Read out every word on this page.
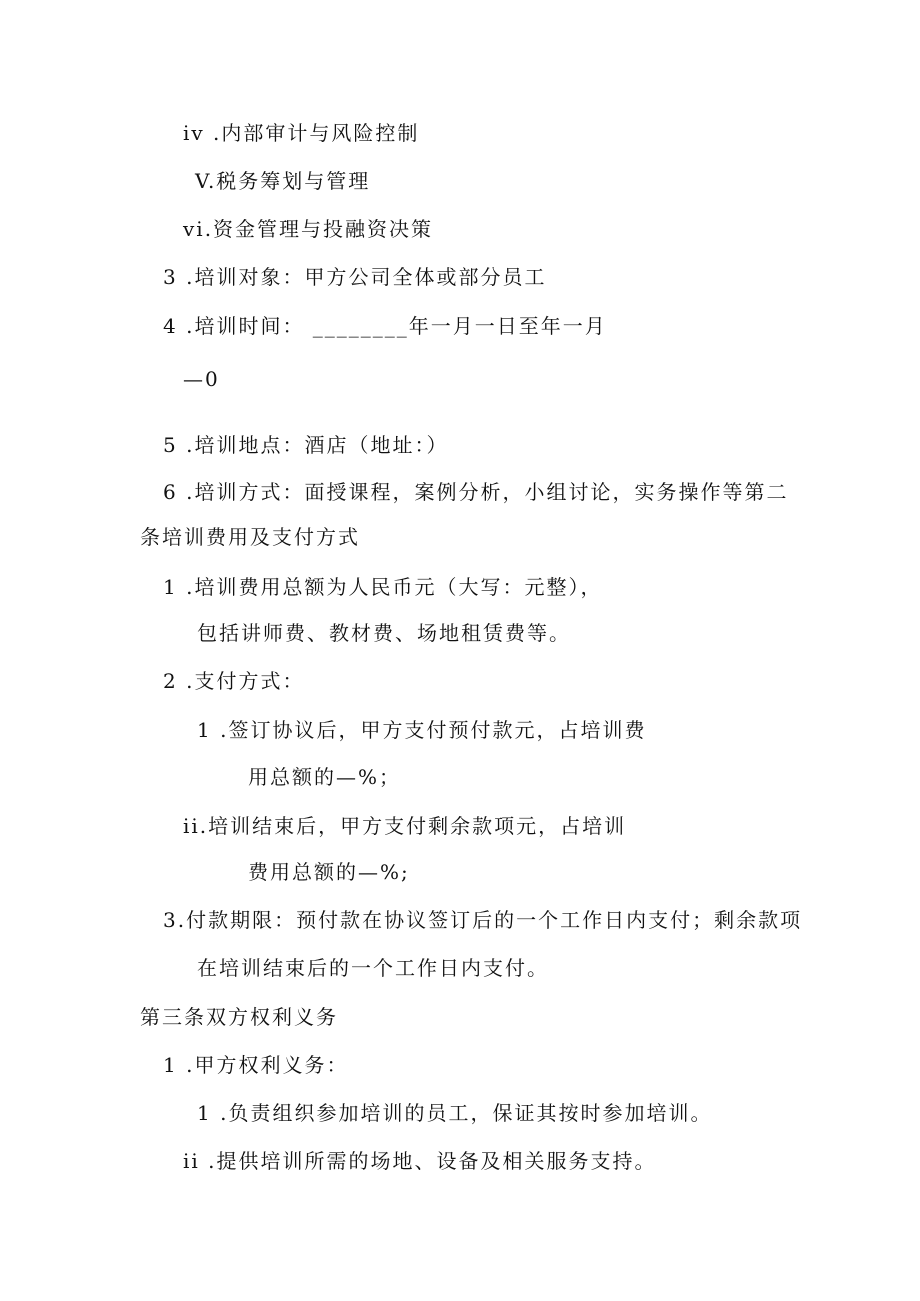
iv .内部审计与风险控制
V.税务筹划与管理
vi.资金管理与投融资决策
3 .培训对象：甲方公司全体或部分员工
4 .培训时间： ________年一月一日至年一月
—0
5 .培训地点：酒店（地址：）
6 .培训方式：面授课程，案例分析，小组讨论，实务操作等第二
条培训费用及支付方式
1 .培训费用总额为人民币元（大写：元整），
包括讲师费、教材费、场地租赁费等。
2 .支付方式：
1 .签订协议后，甲方支付预付款元，占培训费
用总额的—%；
ii.培训结束后，甲方支付剩余款项元，占培训
费用总额的—%;
3.付款期限：预付款在协议签订后的一个工作日内支付；剩余款项
在培训结束后的一个工作日内支付。
第三条双方权利义务
1 .甲方权利义务：
1 .负责组织参加培训的员工，保证其按时参加培训。
ii .提供培训所需的场地、设备及相关服务支持。
